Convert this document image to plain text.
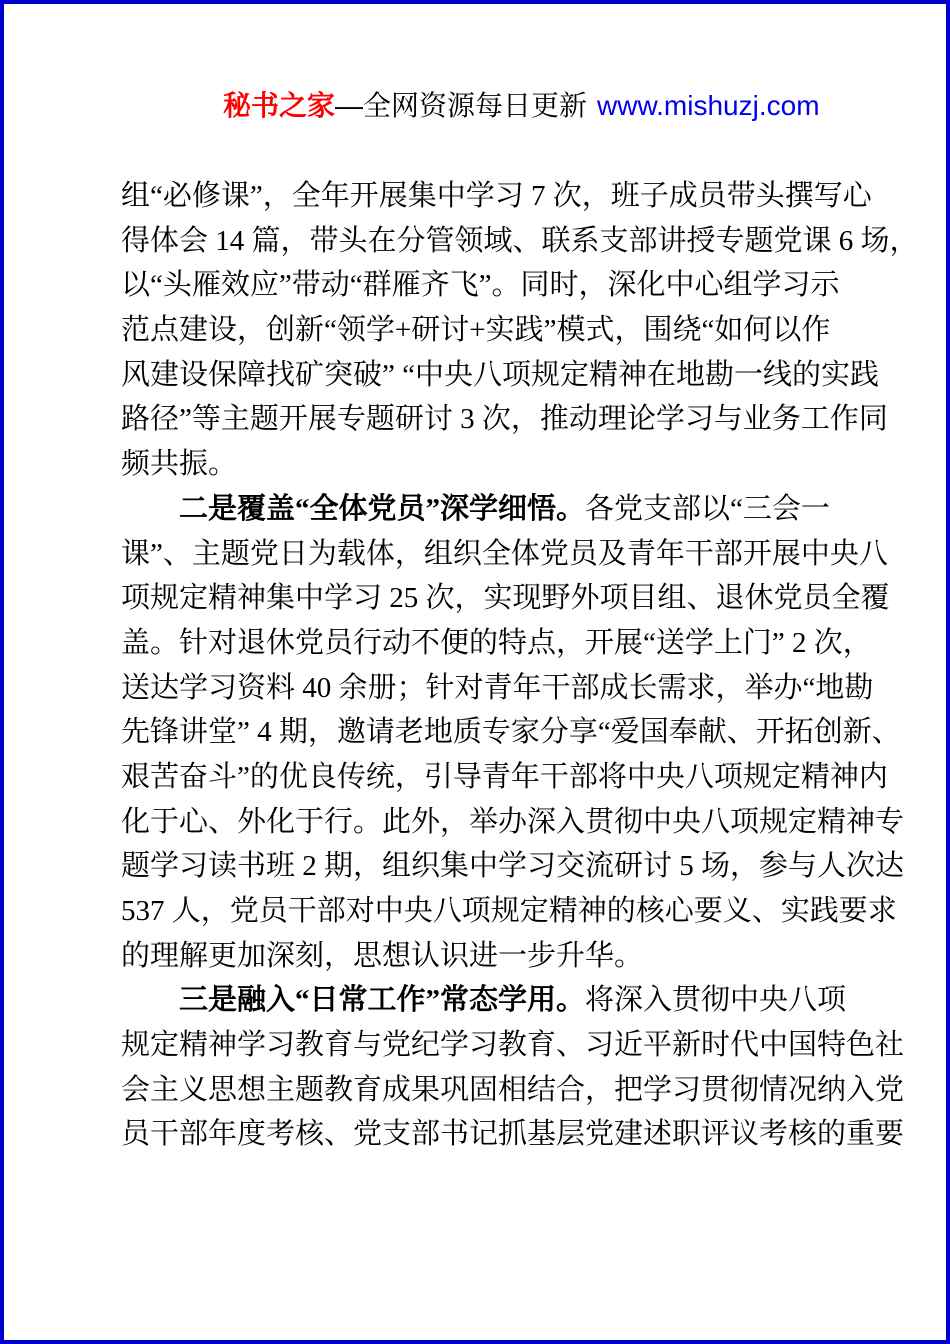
秘书之家—全网资源每日更新 www.mishuzj.com
组“必修课”，全年开展集中学习 7 次，班子成员带头撰写心
得体会 14 篇，带头在分管领域、联系支部讲授专题党课 6 场，
以“头雁效应”带动“群雁齐飞”。同时，深化中心组学习示
范点建设，创新“领学+研讨+实践”模式，围绕“如何以作
风建设保障找矿突破” “中央八项规定精神在地勘一线的实践
路径”等主题开展专题研讨 3 次，推动理论学习与业务工作同
频共振。
二是覆盖“全体党员”深学细悟。各党支部以“三会一
课”、主题党日为载体，组织全体党员及青年干部开展中央八
项规定精神集中学习 25 次，实现野外项目组、退休党员全覆
盖。针对退休党员行动不便的特点，开展“送学上门” 2 次，
送达学习资料 40 余册；针对青年干部成长需求，举办“地勘
先锋讲堂” 4 期，邀请老地质专家分享“爱国奉献、开拓创新、
艰苦奋斗”的优良传统，引导青年干部将中央八项规定精神内
化于心、外化于行。此外，举办深入贯彻中央八项规定精神专
题学习读书班 2 期，组织集中学习交流研讨 5 场，参与人次达
537 人，党员干部对中央八项规定精神的核心要义、实践要求
的理解更加深刻，思想认识进一步升华。
三是融入“日常工作”常态学用。将深入贯彻中央八项
规定精神学习教育与党纪学习教育、习近平新时代中国特色社
会主义思想主题教育成果巩固相结合，把学习贯彻情况纳入党
员干部年度考核、党支部书记抓基层党建述职评议考核的重要
